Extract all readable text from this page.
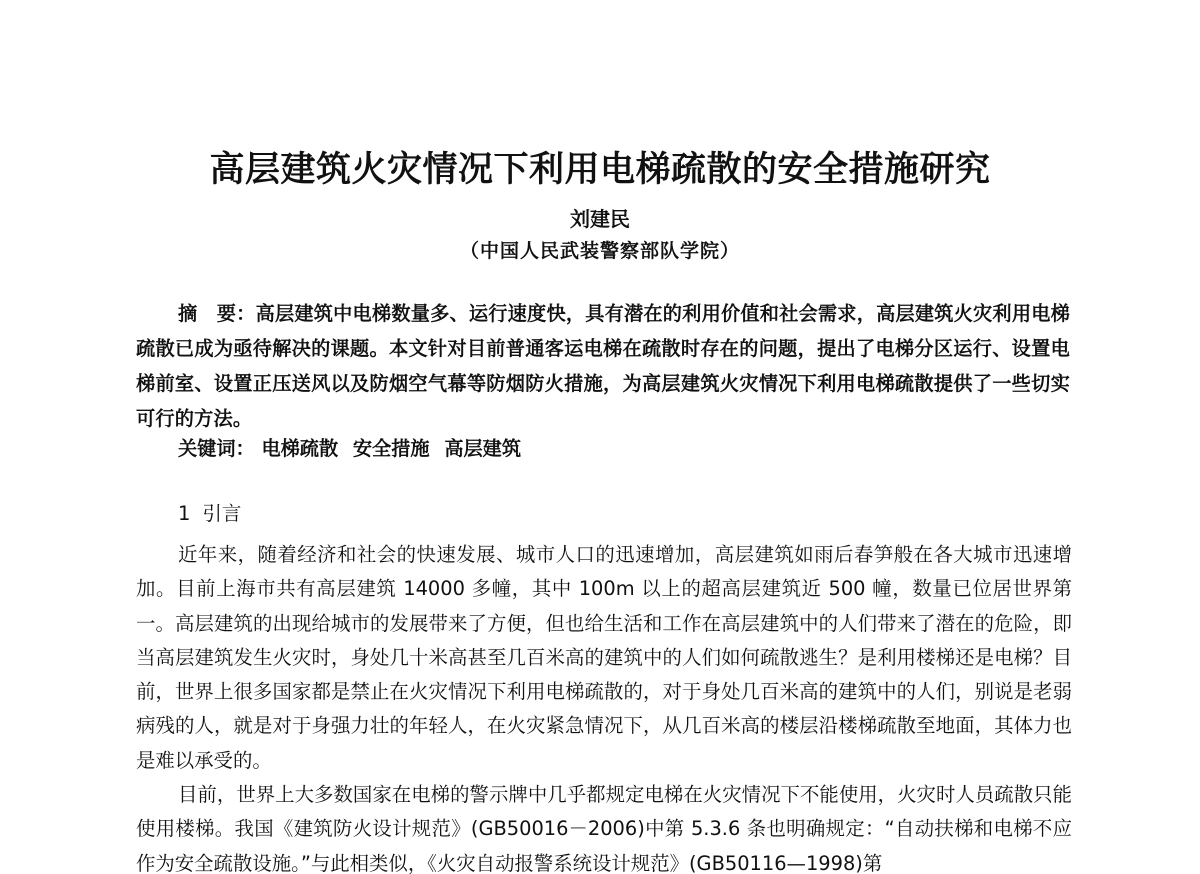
高层建筑火灾情况下利用电梯疏散的安全措施研究
刘建民
（中国人民武装警察部队学院）
摘　要：高层建筑中电梯数量多、运行速度快，具有潜在的利用价值和社会需求，高层建筑火灾利用电梯疏散已成为亟待解决的课题。本文针对目前普通客运电梯在疏散时存在的问题，提出了电梯分区运行、设置电梯前室、设置正压送风以及防烟空气幕等防烟防火措施，为高层建筑火灾情况下利用电梯疏散提供了一些切实可行的方法。
关键词： 电梯疏散 安全措施 高层建筑
1 引言

近年来，随着经济和社会的快速发展、城市人口的迅速增加，高层建筑如雨后春笋般在各大城市迅速增加。目前上海市共有高层建筑 14000 多幢，其中 100m 以上的超高层建筑近 500 幢，数量已位居世界第一。高层建筑的出现给城市的发展带来了方便，但也给生活和工作在高层建筑中的人们带来了潜在的危险，即当高层建筑发生火灾时，身处几十米高甚至几百米高的建筑中的人们如何疏散逃生？是利用楼梯还是电梯？目前，世界上很多国家都是禁止在火灾情况下利用电梯疏散的，对于身处几百米高的建筑中的人们，别说是老弱病残的人，就是对于身强力壮的年轻人，在火灾紧急情况下，从几百米高的楼层沿楼梯疏散至地面，其体力也是难以承受的。

目前，世界上大多数国家在电梯的警示牌中几乎都规定电梯在火灾情况下不能使用，火灾时人员疏散只能使用楼梯。我国《建筑防火设计规范》(GB50016－2006)中第 5.3.6 条也明确规定：“自动扶梯和电梯不应作为安全疏散设施。”与此相类似，《火灾自动报警系统设计规范》(GB50116—1998)第
